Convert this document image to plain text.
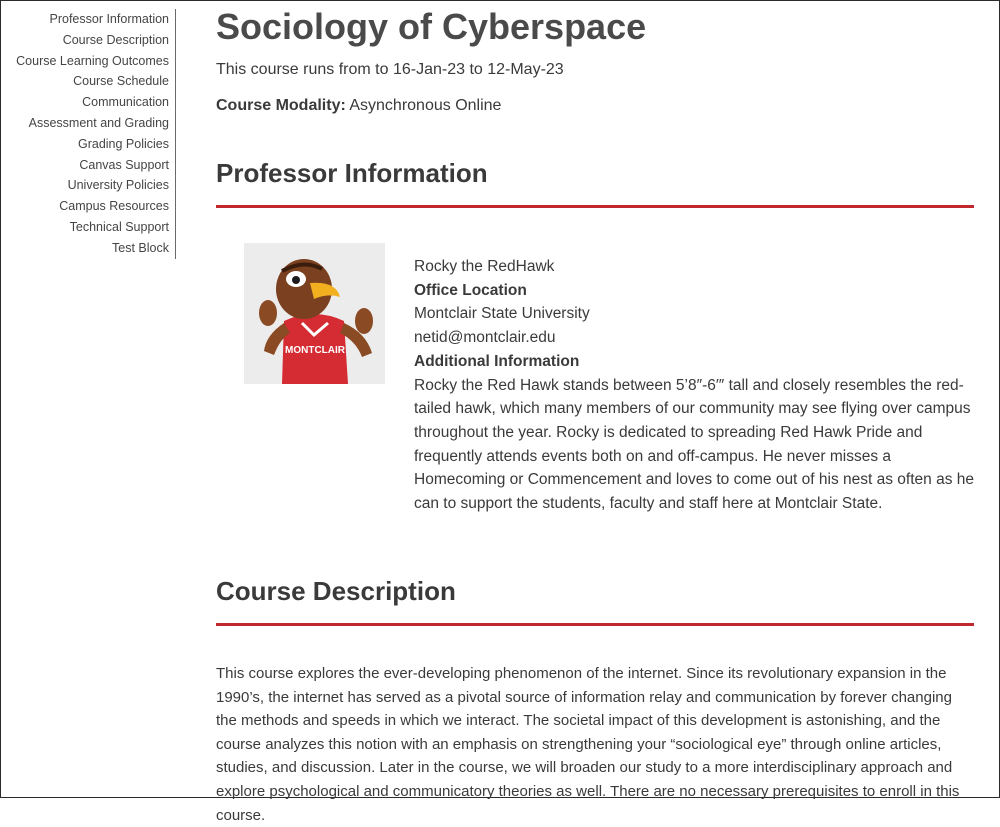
Professor Information
Course Description
Course Learning Outcomes
Course Schedule
Communication
Assessment and Grading
Grading Policies
Canvas Support
University Policies
Campus Resources
Technical Support
Test Block
Sociology of Cyberspace
This course runs from to 16-Jan-23 to 12-May-23
Course Modality: Asynchronous Online
Professor Information
MONTCLAIR
Rocky the RedHawk
Office Location
Montclair State University
netid@montclair.edu
Additional Information
Rocky the Red Hawk stands between 5’8″-6′″ tall and closely resembles the red-tailed hawk, which many members of our community may see flying over campus throughout the year. Rocky is dedicated to spreading Red Hawk Pride and frequently attends events both on and off-campus. He never misses a Homecoming or Commencement and loves to come out of his nest as often as he can to support the students, faculty and staff here at Montclair State.
Course Description
This course explores the ever-developing phenomenon of the internet. Since its revolutionary expansion in the 1990’s, the internet has served as a pivotal source of information relay and communication by forever changing the methods and speeds in which we interact. The societal impact of this development is astonishing, and the course analyzes this notion with an emphasis on strengthening your “sociological eye” through online articles, studies, and discussion. Later in the course, we will broaden our study to a more interdisciplinary approach and explore psychological and communicatory theories as well. There are no necessary prerequisites to enroll in this course.
